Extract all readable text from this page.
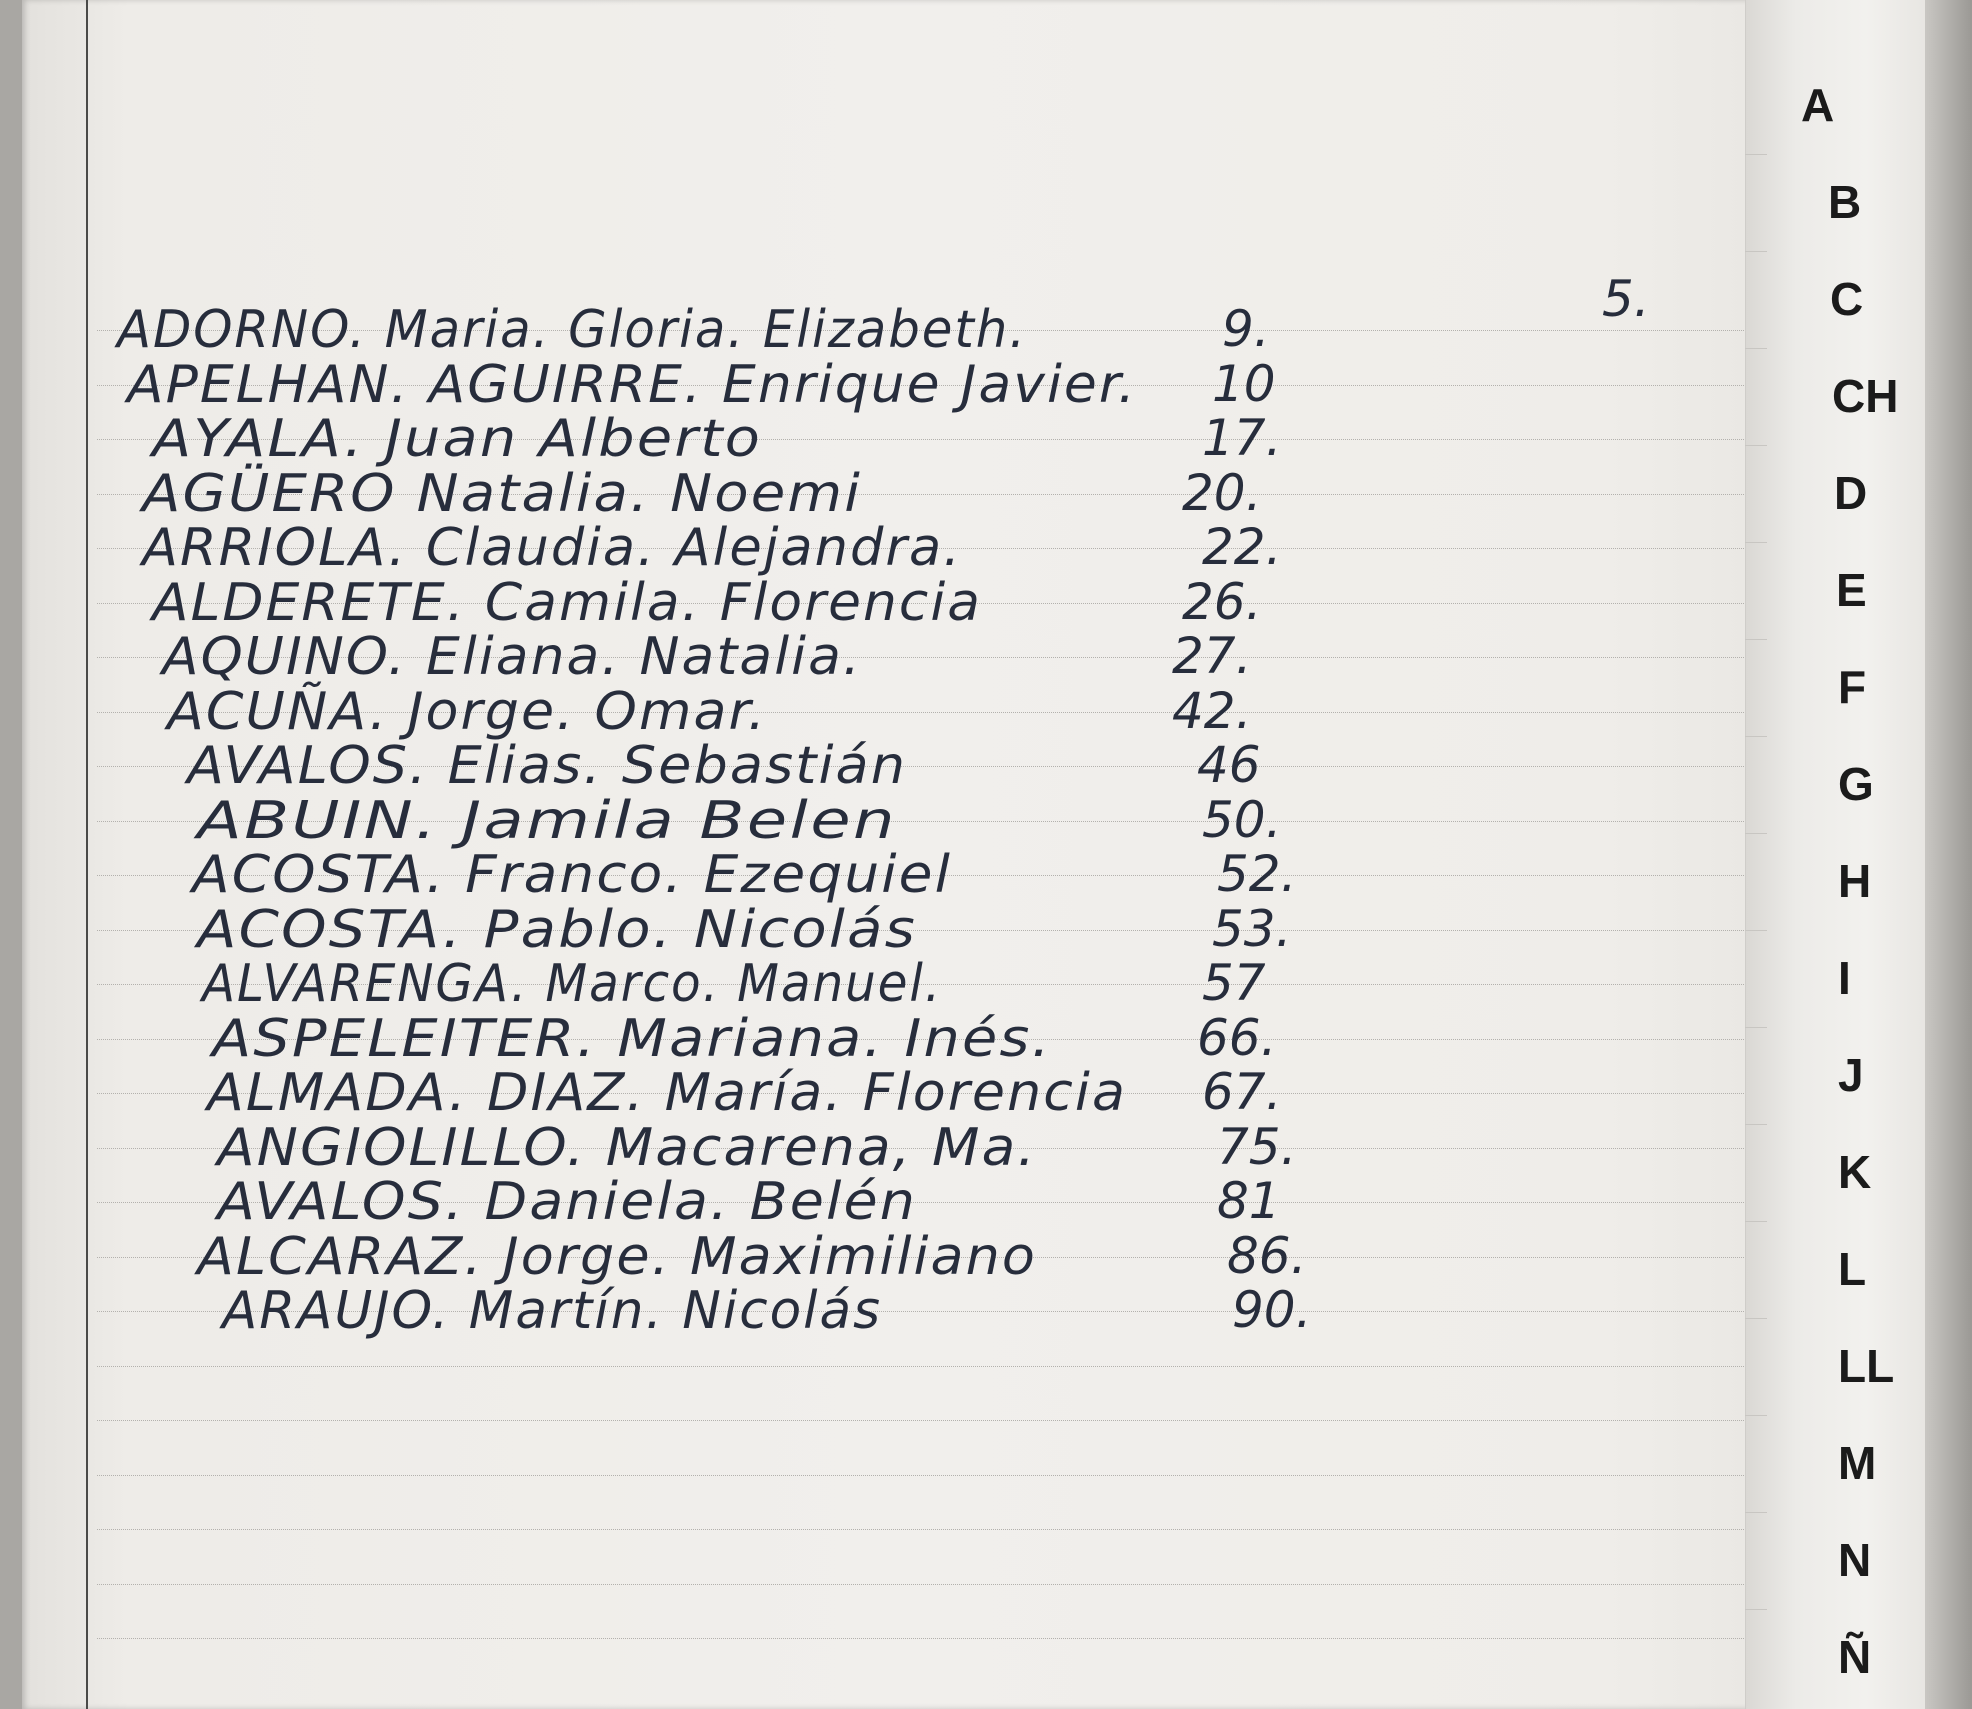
5.
ADORNO. Maria. Gloria. Elizabeth.	9.
APELHAN. AGUIRRE. Enrique Javier. 10
AYALA. Juan Alberto	17.
AGÜERO Natalia. Noemi	20.
ARRIOLA. Claudia. Alejandra.	22.
ALDERETE. Camila. Florencia	26.
AQUINO. Eliana. Natalia.	27.
ACUÑA. Jorge. Omar.	42.
AVALOS. Elias. Sebastián	46
ABUIN. Jamila Belen	50.
ACOSTA. Franco. Ezequiel	52.
ACOSTA. Pablo. Nicolás	53.
ALVARENGA. Marco. Manuel.	57
ASPELEITER. Mariana. Inés.	66.
ALMADA. DIAZ. María. Florencia 67.
ANGIOLILLO. Macarena, Ma.	75.
AVALOS. Daniela. Belén	81
ALCARAZ. Jorge. Maximiliano	86.
ARAUJO. Martín. Nicolás	90.
A
B
C
CH
D
E
F
G
H
I
J
K
L
LL
M
N
Ñ
